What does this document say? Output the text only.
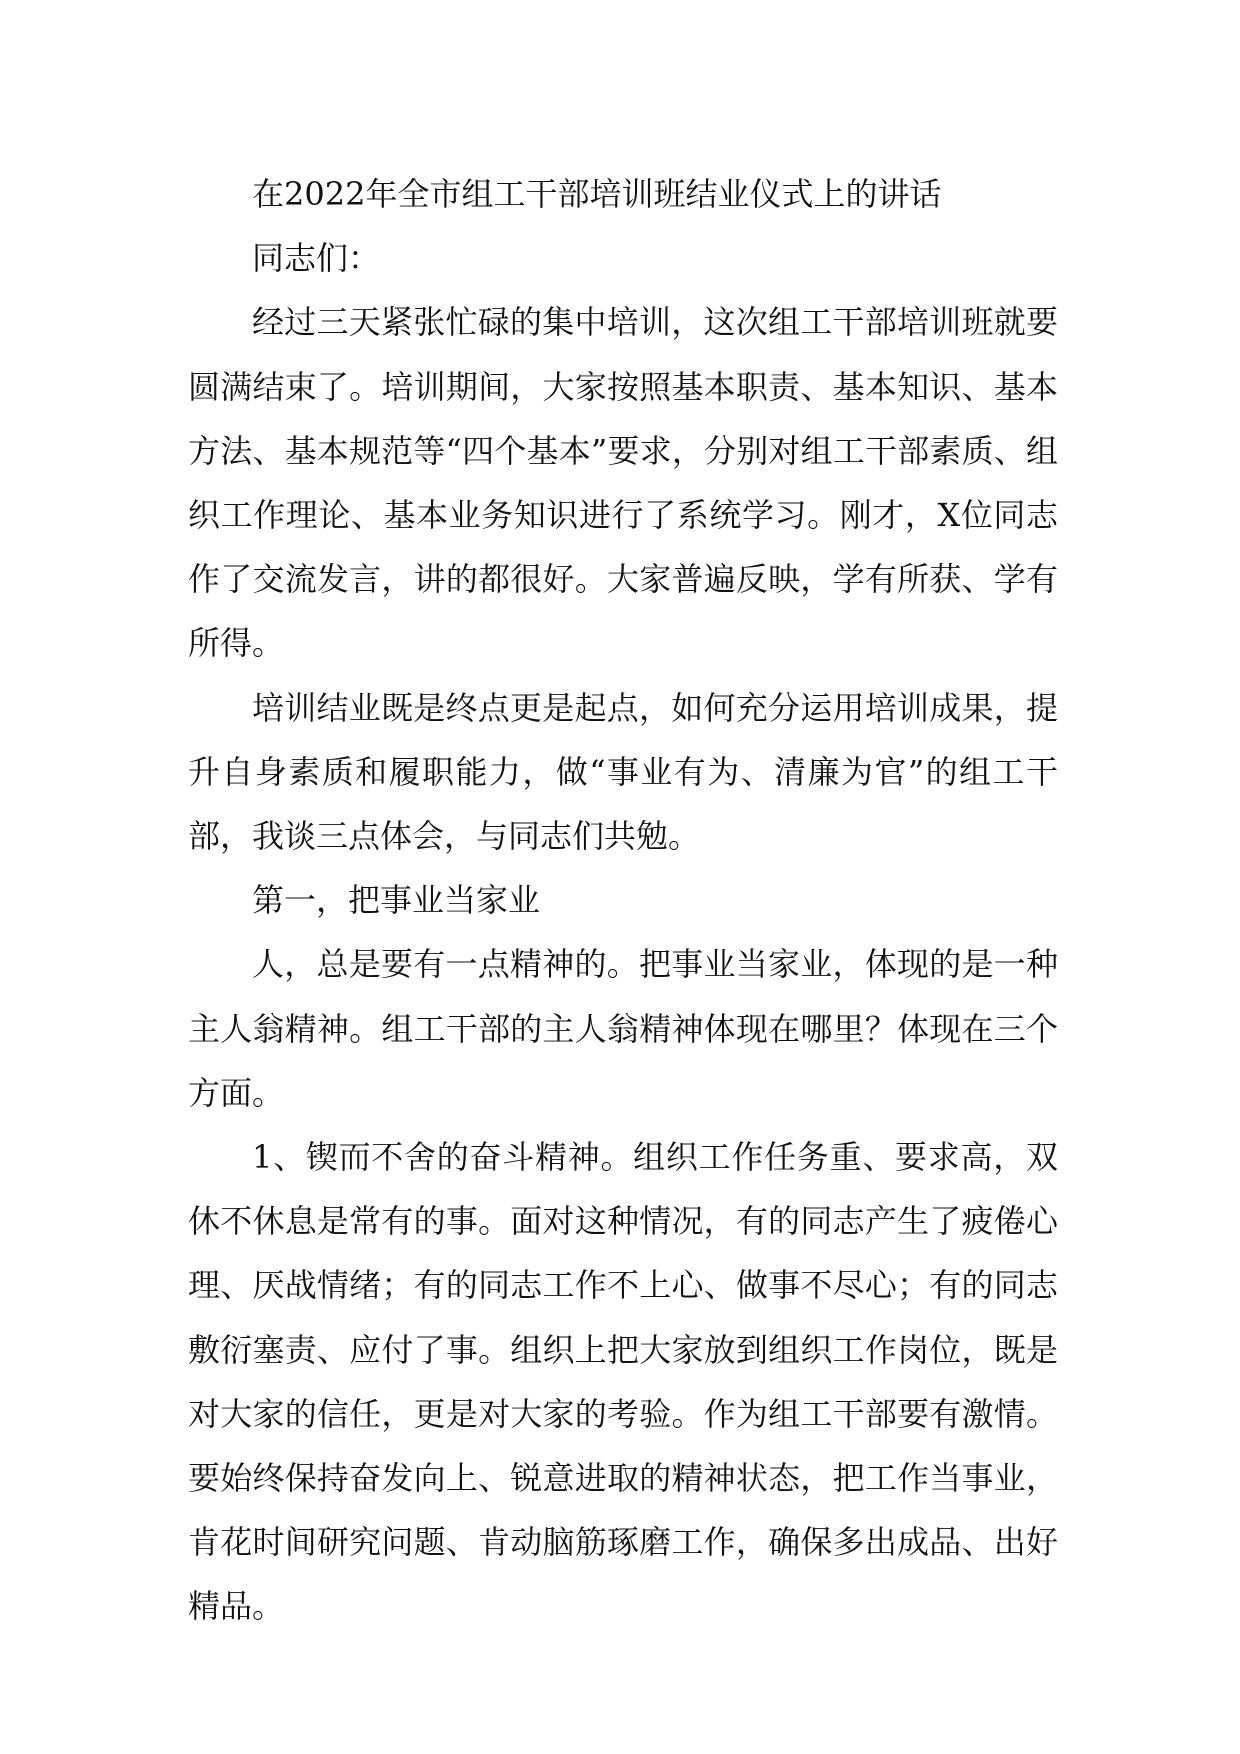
在2022年全市组工干部培训班结业仪式上的讲话

同志们：

经过三天紧张忙碌的集中培训，这次组工干部培训班就要圆满结束了。培训期间，大家按照基本职责、基本知识、基本方法、基本规范等“四个基本”要求，分别对组工干部素质、组织工作理论、基本业务知识进行了系统学习。刚才，X位同志作了交流发言，讲的都很好。大家普遍反映，学有所获、学有所得。

培训结业既是终点更是起点，如何充分运用培训成果，提升自身素质和履职能力，做“事业有为、清廉为官”的组工干部，我谈三点体会，与同志们共勉。

第一，把事业当家业

人，总是要有一点精神的。把事业当家业，体现的是一种主人翁精神。组工干部的主人翁精神体现在哪里？体现在三个方面。

1、锲而不舍的奋斗精神。组织工作任务重、要求高，双休不休息是常有的事。面对这种情况，有的同志产生了疲倦心理、厌战情绪；有的同志工作不上心、做事不尽心；有的同志敷衍塞责、应付了事。组织上把大家放到组织工作岗位，既是对大家的信任，更是对大家的考验。作为组工干部要有激情。要始终保持奋发向上、锐意进取的精神状态，把工作当事业，肯花时间研究问题、肯动脑筋琢磨工作，确保多出成品、出好精品。
